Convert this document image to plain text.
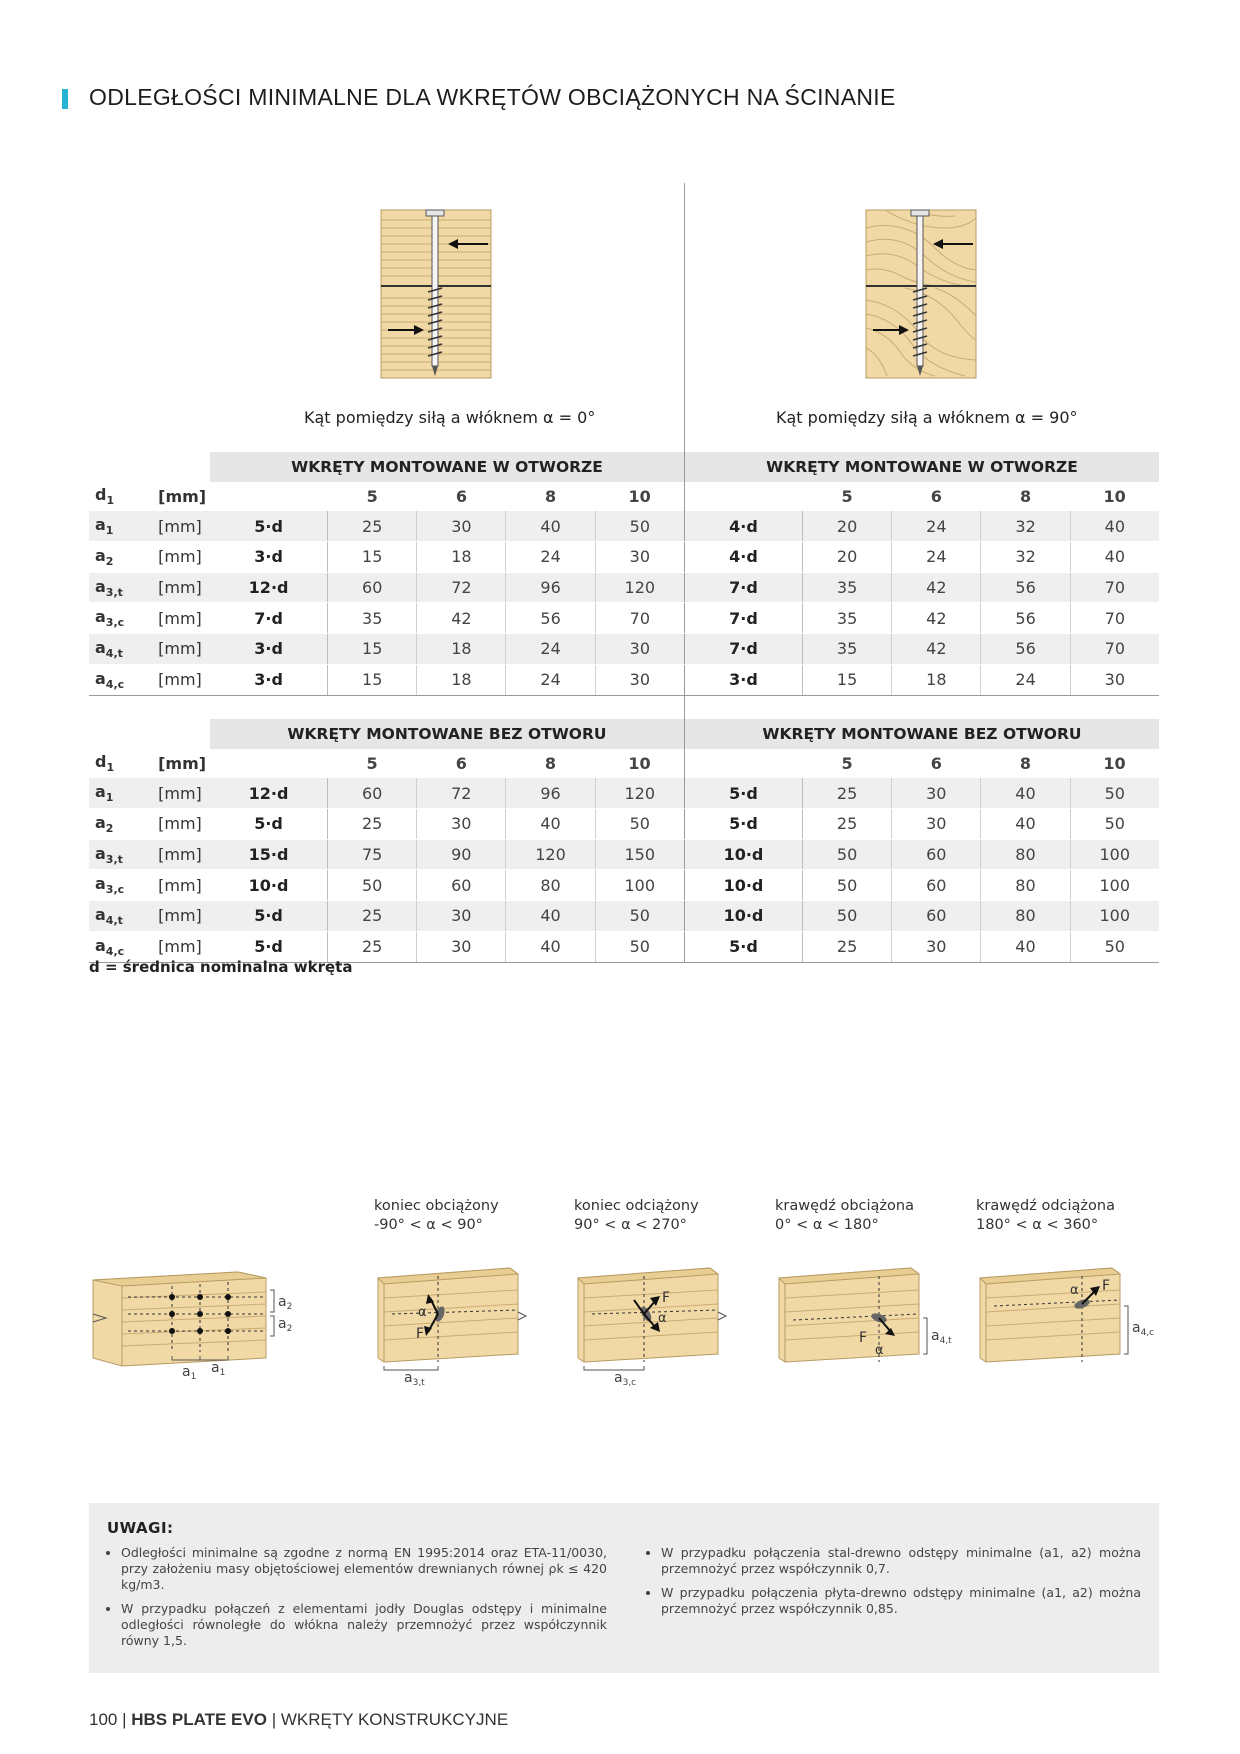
ODLEGŁOŚCI MINIMALNE DLA WKRĘTÓW OBCIĄŻONYCH NA ŚCINANIE
Kąt pomiędzy siłą a włóknem α = 0°	Kąt pomiędzy siłą a włóknem α = 90°
		WKRĘTY MONTOWANE W OTWORZE					WKRĘTY MONTOWANE W OTWORZE				
$d_1$	[mm]		5	6	8	10		5	6	8	10
$a_1$	[mm]	5·d	25	30	40	50	4·d	20	24	32	40
$a_2$	[mm]	3·d	15	18	24	30	4·d	20	24	32	40
$a_{3,t}$	[mm]	12·d	60	72	96	120	7·d	35	42	56	70
$a_{3,c}$	[mm]	7·d	35	42	56	70	7·d	35	42	56	70
$a_{4,t}$	[mm]	3·d	15	18	24	30	7·d	35	42	56	70
$a_{4,c}$	[mm]	3·d	15	18	24	30	3·d	15	18	24	30
		WKRĘTY MONTOWANE BEZ OTWORU					WKRĘTY MONTOWANE BEZ OTWORU				
$d_1$	[mm]		5	6	8	10		5	6	8	10
$a_1$	[mm]	12·d	60	72	96	120	5·d	25	30	40	50
$a_2$	[mm]	5·d	25	30	40	50	5·d	25	30	40	50
$a_{3,t}$	[mm]	15·d	75	90	120	150	10·d	50	60	80	100
$a_{3,c}$	[mm]	10·d	50	60	80	100	10·d	50	60	80	100
$a_{4,t}$	[mm]	5·d	25	30	40	50	10·d	50	60	80	100
$a_{4,c}$	[mm]	5·d	25	30	40	50	5·d	25	30	40	50
d = średnica nominalna wkręta
$a_2$
$a_2$
$a_1$
$a_1$
koniec obciążony
-90° < α < 90°
koniec odciążony
90° < α < 270°
krawędź obciążona
0° < α < 180°
krawędź odciążona
180° < α < 360°
α
F
$a_{3,t}$
F
α
$a_{3,c}$
F
α
$a_{4,t}$
F
α
$a_{4,c}$
UWAGI:
• Odległości minimalne są zgodne z normą EN 1995:2014 oraz ETA-11/0030, przy założeniu masy objętościowej elementów drewnianych równej ρk ≤ 420 kg/m3.
• W przypadku połączeń z elementami jodły Douglas odstępy i minimalne odległości równoległe do włókna należy przemnożyć przez współczynnik równy 1,5.
• W przypadku połączenia stal-drewno odstępy minimalne (a1, a2) można przemnożyć przez współczynnik 0,7.
• W przypadku połączenia płyta-drewno odstępy minimalne (a1, a2) można przemnożyć przez współczynnik 0,85.
100 | HBS PLATE EVO | WKRĘTY KONSTRUKCYJNE
